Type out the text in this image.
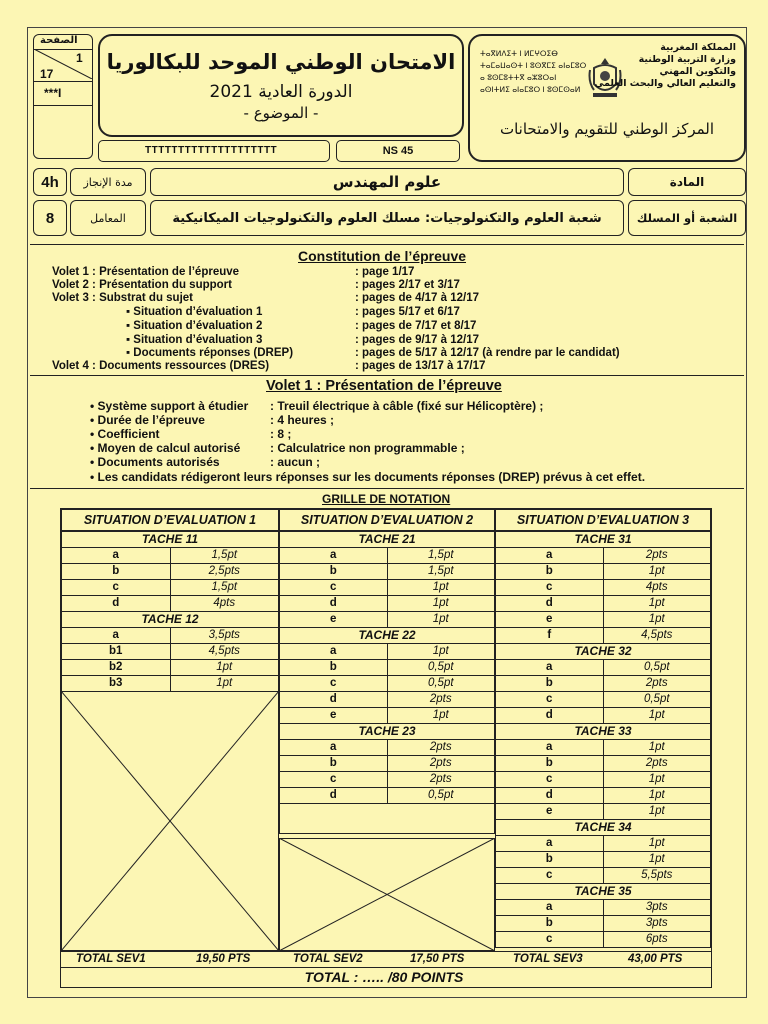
الصفحة
1
17
***I
الامتحان الوطني الموحد للبكالوريا
الدورة العادية 2021
- الموضوع -
TTTTTTTTTTTTTTTTTTTT	NS 45
ⵜⴰⴳⵍⴷⵉⵜ ⵏ ⵍⵎⵖⵔⵉⴱ
ⵜⴰⵎⴰⵡⴰⵙⵜ ⵏ ⵓⵙⴳⵎⵉ ⴰⵏⴰⵎⵓⵔ
ⴰ ⵓⵙⵎⵓⵜⵜⴳ ⴰⵣⵓⵔⴰⵏ
ⴰⵙⵏⵜⵍⵉ ⴰⵏⴰⵎⵓⵔ ⵏ ⵓⵙⵎⵙⴰⵍ
المملكة المغربية
وزارة التربية الوطنية
والتكوين المهني
والتعليم العالي والبحث العلمي
المركز الوطني للتقويم والامتحانات
4h مدة الإنجاز	علوم المهندس	المادة
8	المعامل	شعبة العلوم والتكنولوجيات: مسلك العلوم والتكنولوجيات الميكانيكية	الشعبة أو المسلك
Constitution de l’épreuve
Volet 1 : Présentation de l’épreuve	: page 1/17
Volet 2 : Présentation du support	: pages 2/17 et 3/17
Volet 3 : Substrat du sujet	: pages de 4/17 à 12/17
▪ Situation d’évaluation 1	: pages 5/17 et 6/17
▪ Situation d’évaluation 2	: pages de 7/17 et 8/17
▪ Situation d’évaluation 3	: pages de 9/17 à 12/17
▪ Documents réponses (DREP)	: pages de 5/17 à 12/17 (à rendre par le candidat)
Volet 4 : Documents ressources (DRES)	: pages de 13/17 à 17/17
Volet 1 : Présentation de l’épreuve
• Système support à étudier : Treuil électrique à câble (fixé sur Hélicoptère) ;
• Durée de l’épreuve	: 4 heures ;
• Coefficient	: 8 ;
• Moyen de calcul autorisé : Calculatrice non programmable ;
• Documents autorisés	: aucun ;
• Les candidats rédigeront leurs réponses sur les documents réponses (DREP) prévus à cet effet.
GRILLE DE NOTATION
SITUATION D’EVALUATION 1	SITUATION D’EVALUATION 2	SITUATION D’EVALUATION 3
TACHE 11	
a	1,5pt
b	2,5pts
c	1,5pt
d	4pts
TACHE 12	
a	3,5pts
b1	4,5pts
b2	1pt
b3	1pt
TACHE 21	
a	1,5pt
b	1,5pt
c	1pt
d	1pt
e	1pt
TACHE 22	
a	1pt
b	0,5pt
c	0,5pt
d	2pts
e	1pt
TACHE 23	
a	2pts
b	2pts
c	2pts
d	0,5pt

TACHE 31	
a	2pts
b	1pt
c	4pts
d	1pt
e	1pt
f	4,5pts
TACHE 32	
a	0,5pt
b	2pts
c	0,5pt
d	1pt
TACHE 33	
a	1pt
b	2pts
c	1pt
d	1pt
e	1pt
TACHE 34	
a	1pt
b	1pt
c	5,5pts
TACHE 35	
a	3pts
b	3pts
c	6pts
TOTAL SEV1	19,50 PTS	TOTAL SEV2	17,50 PTS	TOTAL SEV3	43,00 PTS
TOTAL : ….. /80 POINTS
